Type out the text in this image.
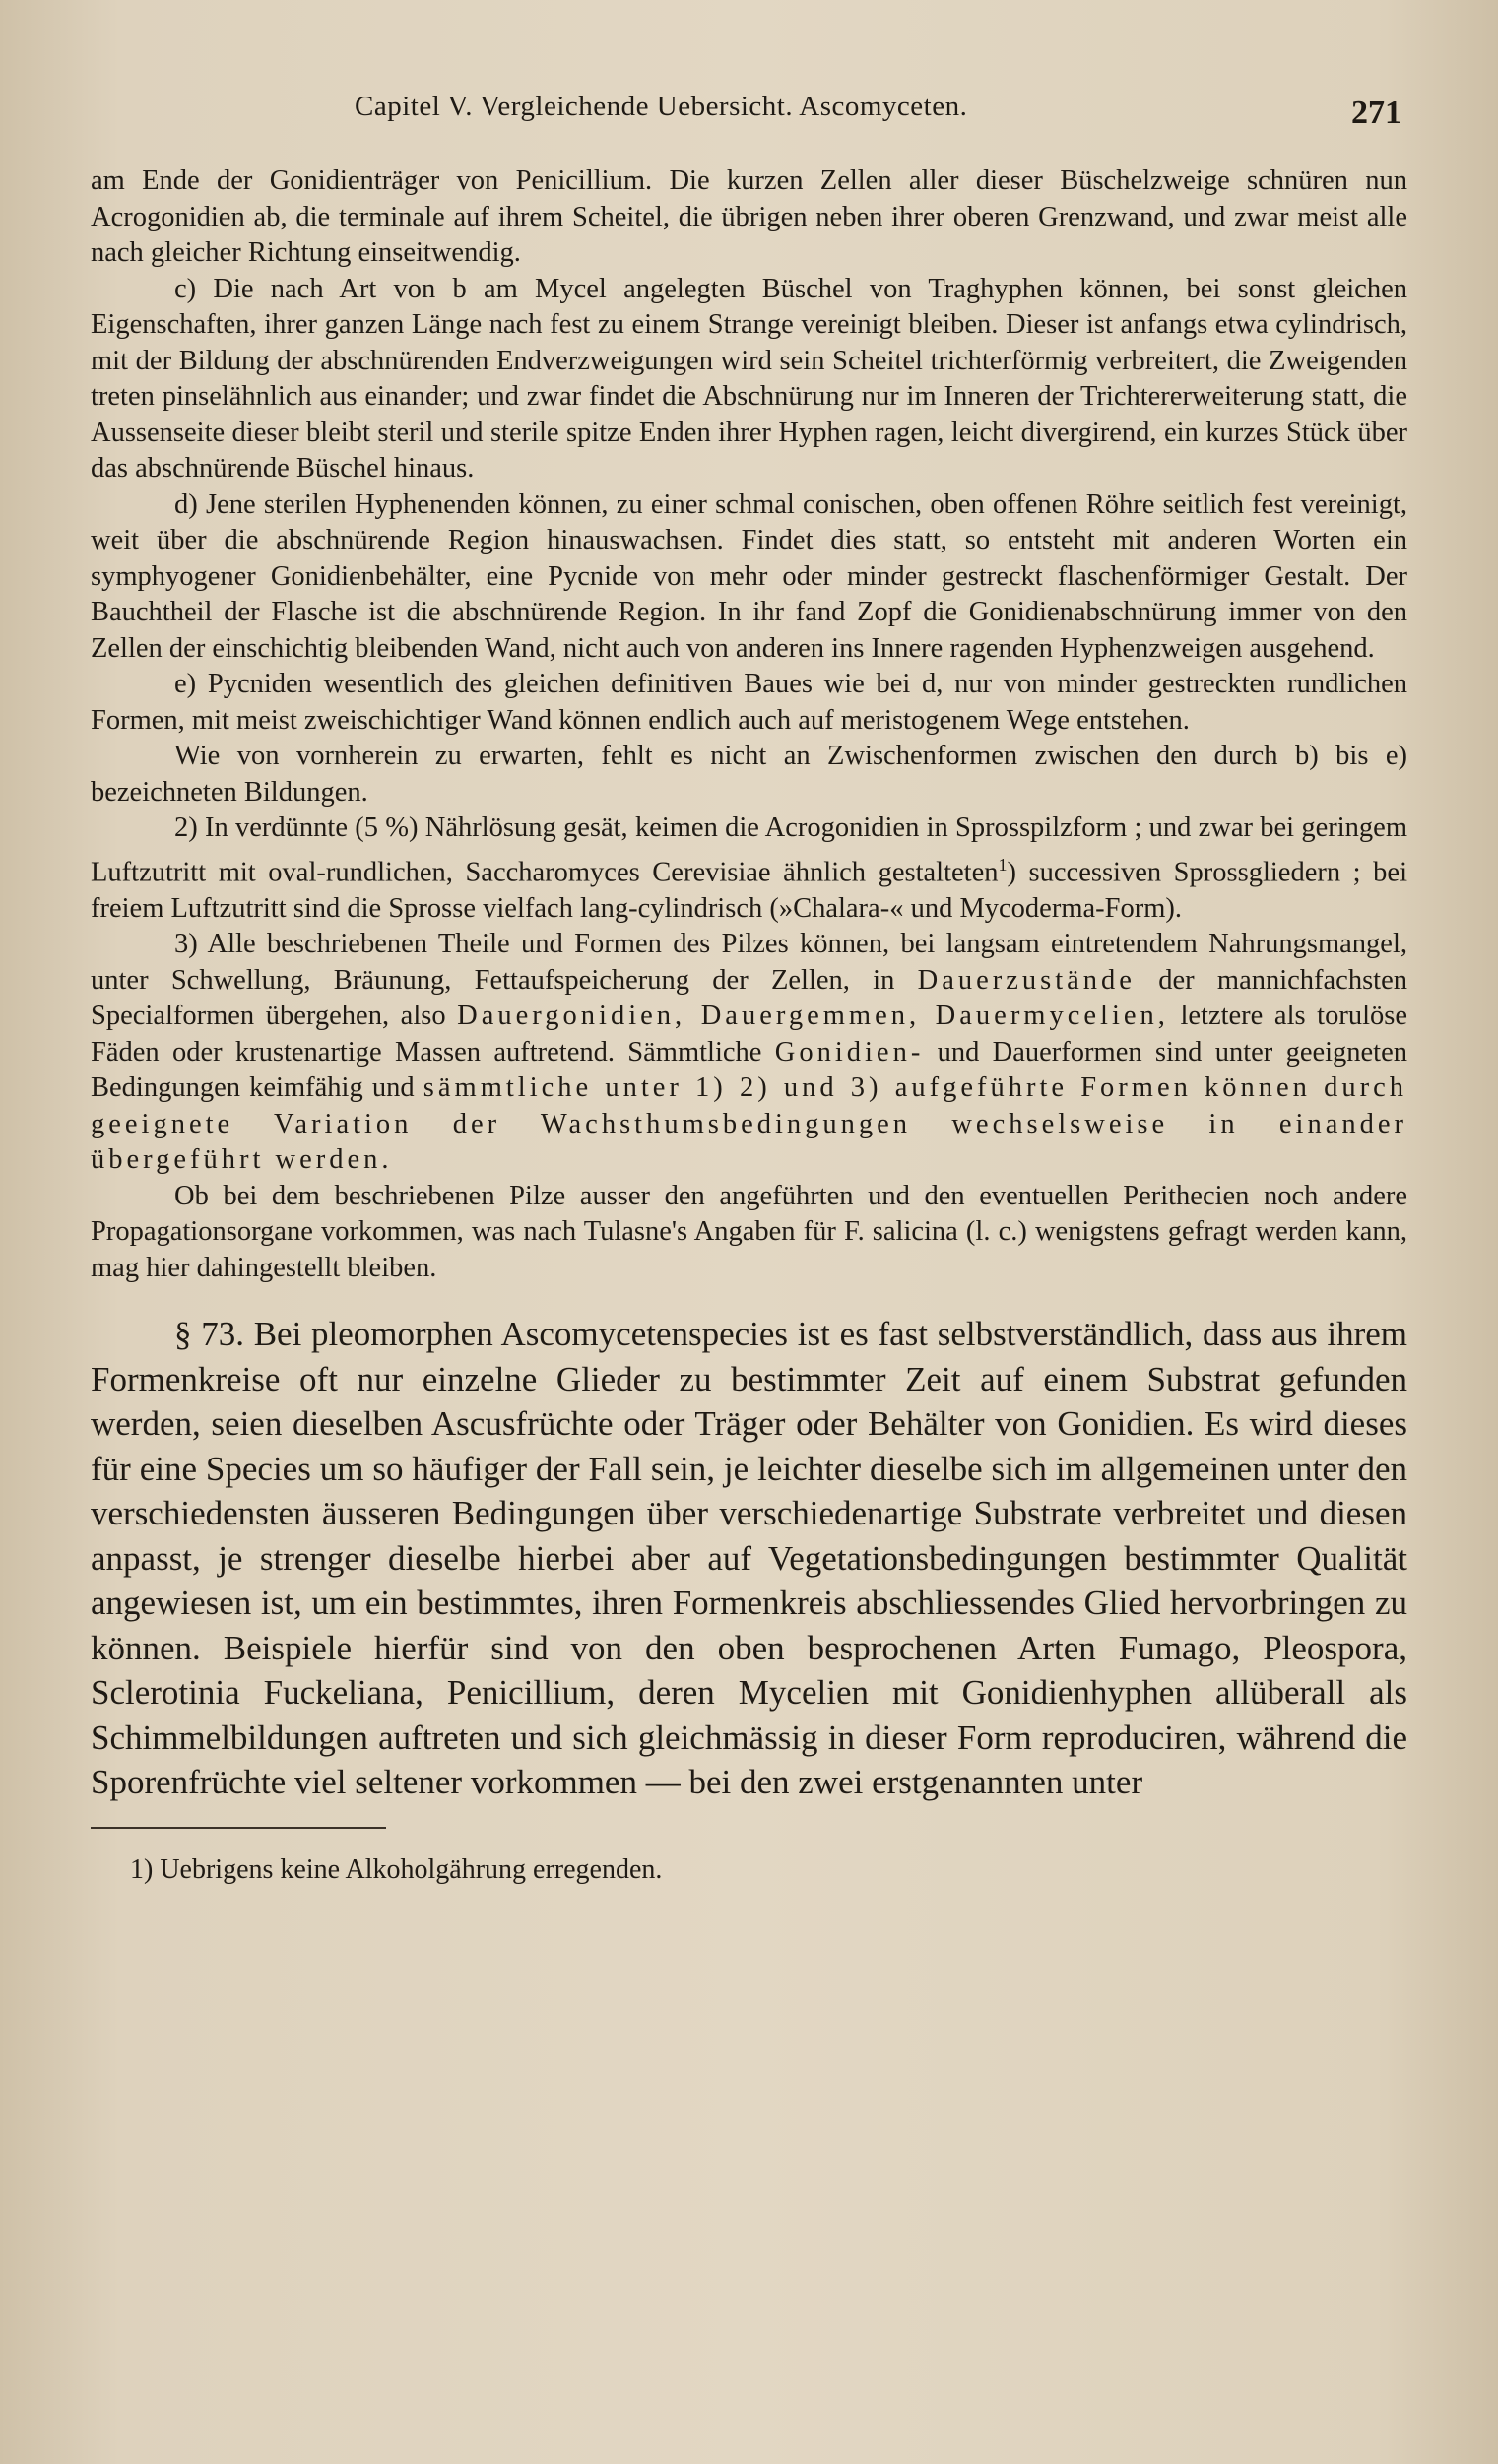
Capitel V. Vergleichende Uebersicht. Ascomyceten.	271

am Ende der Gonidienträger von Penicillium. Die kurzen Zellen aller dieser Büschelzweige schnüren nun Acrogonidien ab, die terminale auf ihrem Scheitel, die übrigen neben ihrer oberen Grenzwand, und zwar meist alle nach gleicher Richtung einseitwendig.

c) Die nach Art von b am Mycel angelegten Büschel von Traghyphen können, bei sonst gleichen Eigenschaften, ihrer ganzen Länge nach fest zu einem Strange vereinigt bleiben. Dieser ist anfangs etwa cylindrisch, mit der Bildung der abschnürenden Endverzweigungen wird sein Scheitel trichterförmig verbreitert, die Zweigenden treten pinselähnlich aus einander; und zwar findet die Abschnürung nur im Inneren der Trichtererweiterung statt, die Aussenseite dieser bleibt steril und sterile spitze Enden ihrer Hyphen ragen, leicht divergirend, ein kurzes Stück über das abschnürende Büschel hinaus.

d) Jene sterilen Hyphenenden können, zu einer schmal conischen, oben offenen Röhre seitlich fest vereinigt, weit über die abschnürende Region hinauswachsen. Findet dies statt, so entsteht mit anderen Worten ein symphyogener Gonidienbehälter, eine Pycnide von mehr oder minder gestreckt flaschenförmiger Gestalt. Der Bauchtheil der Flasche ist die abschnürende Region. In ihr fand Zopf die Gonidienabschnürung immer von den Zellen der einschichtig bleibenden Wand, nicht auch von anderen ins Innere ragenden Hyphenzweigen ausgehend.

e) Pycniden wesentlich des gleichen definitiven Baues wie bei d, nur von minder gestreckten rundlichen Formen, mit meist zweischichtiger Wand können endlich auch auf meristogenem Wege entstehen.

Wie von vornherein zu erwarten, fehlt es nicht an Zwischenformen zwischen den durch b) bis e) bezeichneten Bildungen.

2) In verdünnte (5 %) Nährlösung gesät, keimen die Acrogonidien in Sprosspilzform ; und zwar bei geringem Luftzutritt mit oval-rundlichen, Saccharomyces Cerevisiae ähnlich gestalteten$^1$) successiven Sprossgliedern ; bei freiem Luftzutritt sind die Sprosse vielfach lang-cylindrisch (»Chalara-« und Mycoderma-Form).

3) Alle beschriebenen Theile und Formen des Pilzes können, bei langsam eintretendem Nahrungsmangel, unter Schwellung, Bräunung, Fettaufspeicherung der Zellen, in Dauerzustände der mannichfachsten Specialformen übergehen, also Dauergonidien, Dauergemmen, Dauermycelien, letztere als torulöse Fäden oder krustenartige Massen auftretend. Sämmtliche Gonidien- und Dauerformen sind unter geeigneten Bedingungen keimfähig und sämmtliche unter 1) 2) und 3) aufgeführte Formen können durch geeignete Variation der Wachsthumsbedingungen wechselsweise in einander übergeführt werden.

Ob bei dem beschriebenen Pilze ausser den angeführten und den eventuellen Perithecien noch andere Propagationsorgane vorkommen, was nach Tulasne's Angaben für F. salicina (l. c.) wenigstens gefragt werden kann, mag hier dahingestellt bleiben.

§ 73. Bei pleomorphen Ascomycetenspecies ist es fast selbstverständlich, dass aus ihrem Formenkreise oft nur einzelne Glieder zu bestimmter Zeit auf einem Substrat gefunden werden, seien dieselben Ascusfrüchte oder Träger oder Behälter von Gonidien. Es wird dieses für eine Species um so häufiger der Fall sein, je leichter dieselbe sich im allgemeinen unter den verschiedensten äusseren Bedingungen über verschiedenartige Substrate verbreitet und diesen anpasst, je strenger dieselbe hierbei aber auf Vegetationsbedingungen bestimmter Qualität angewiesen ist, um ein bestimmtes, ihren Formenkreis abschliessendes Glied hervorbringen zu können. Beispiele hierfür sind von den oben besprochenen Arten Fumago, Pleospora, Sclerotinia Fuckeliana, Penicillium, deren Mycelien mit Gonidienhyphen allüberall als Schimmelbildungen auftreten und sich gleichmässig in dieser Form reproduciren, während die Sporenfrüchte viel seltener vorkommen — bei den zwei erstgenannten unter

1) Uebrigens keine Alkoholgährung erregenden.
